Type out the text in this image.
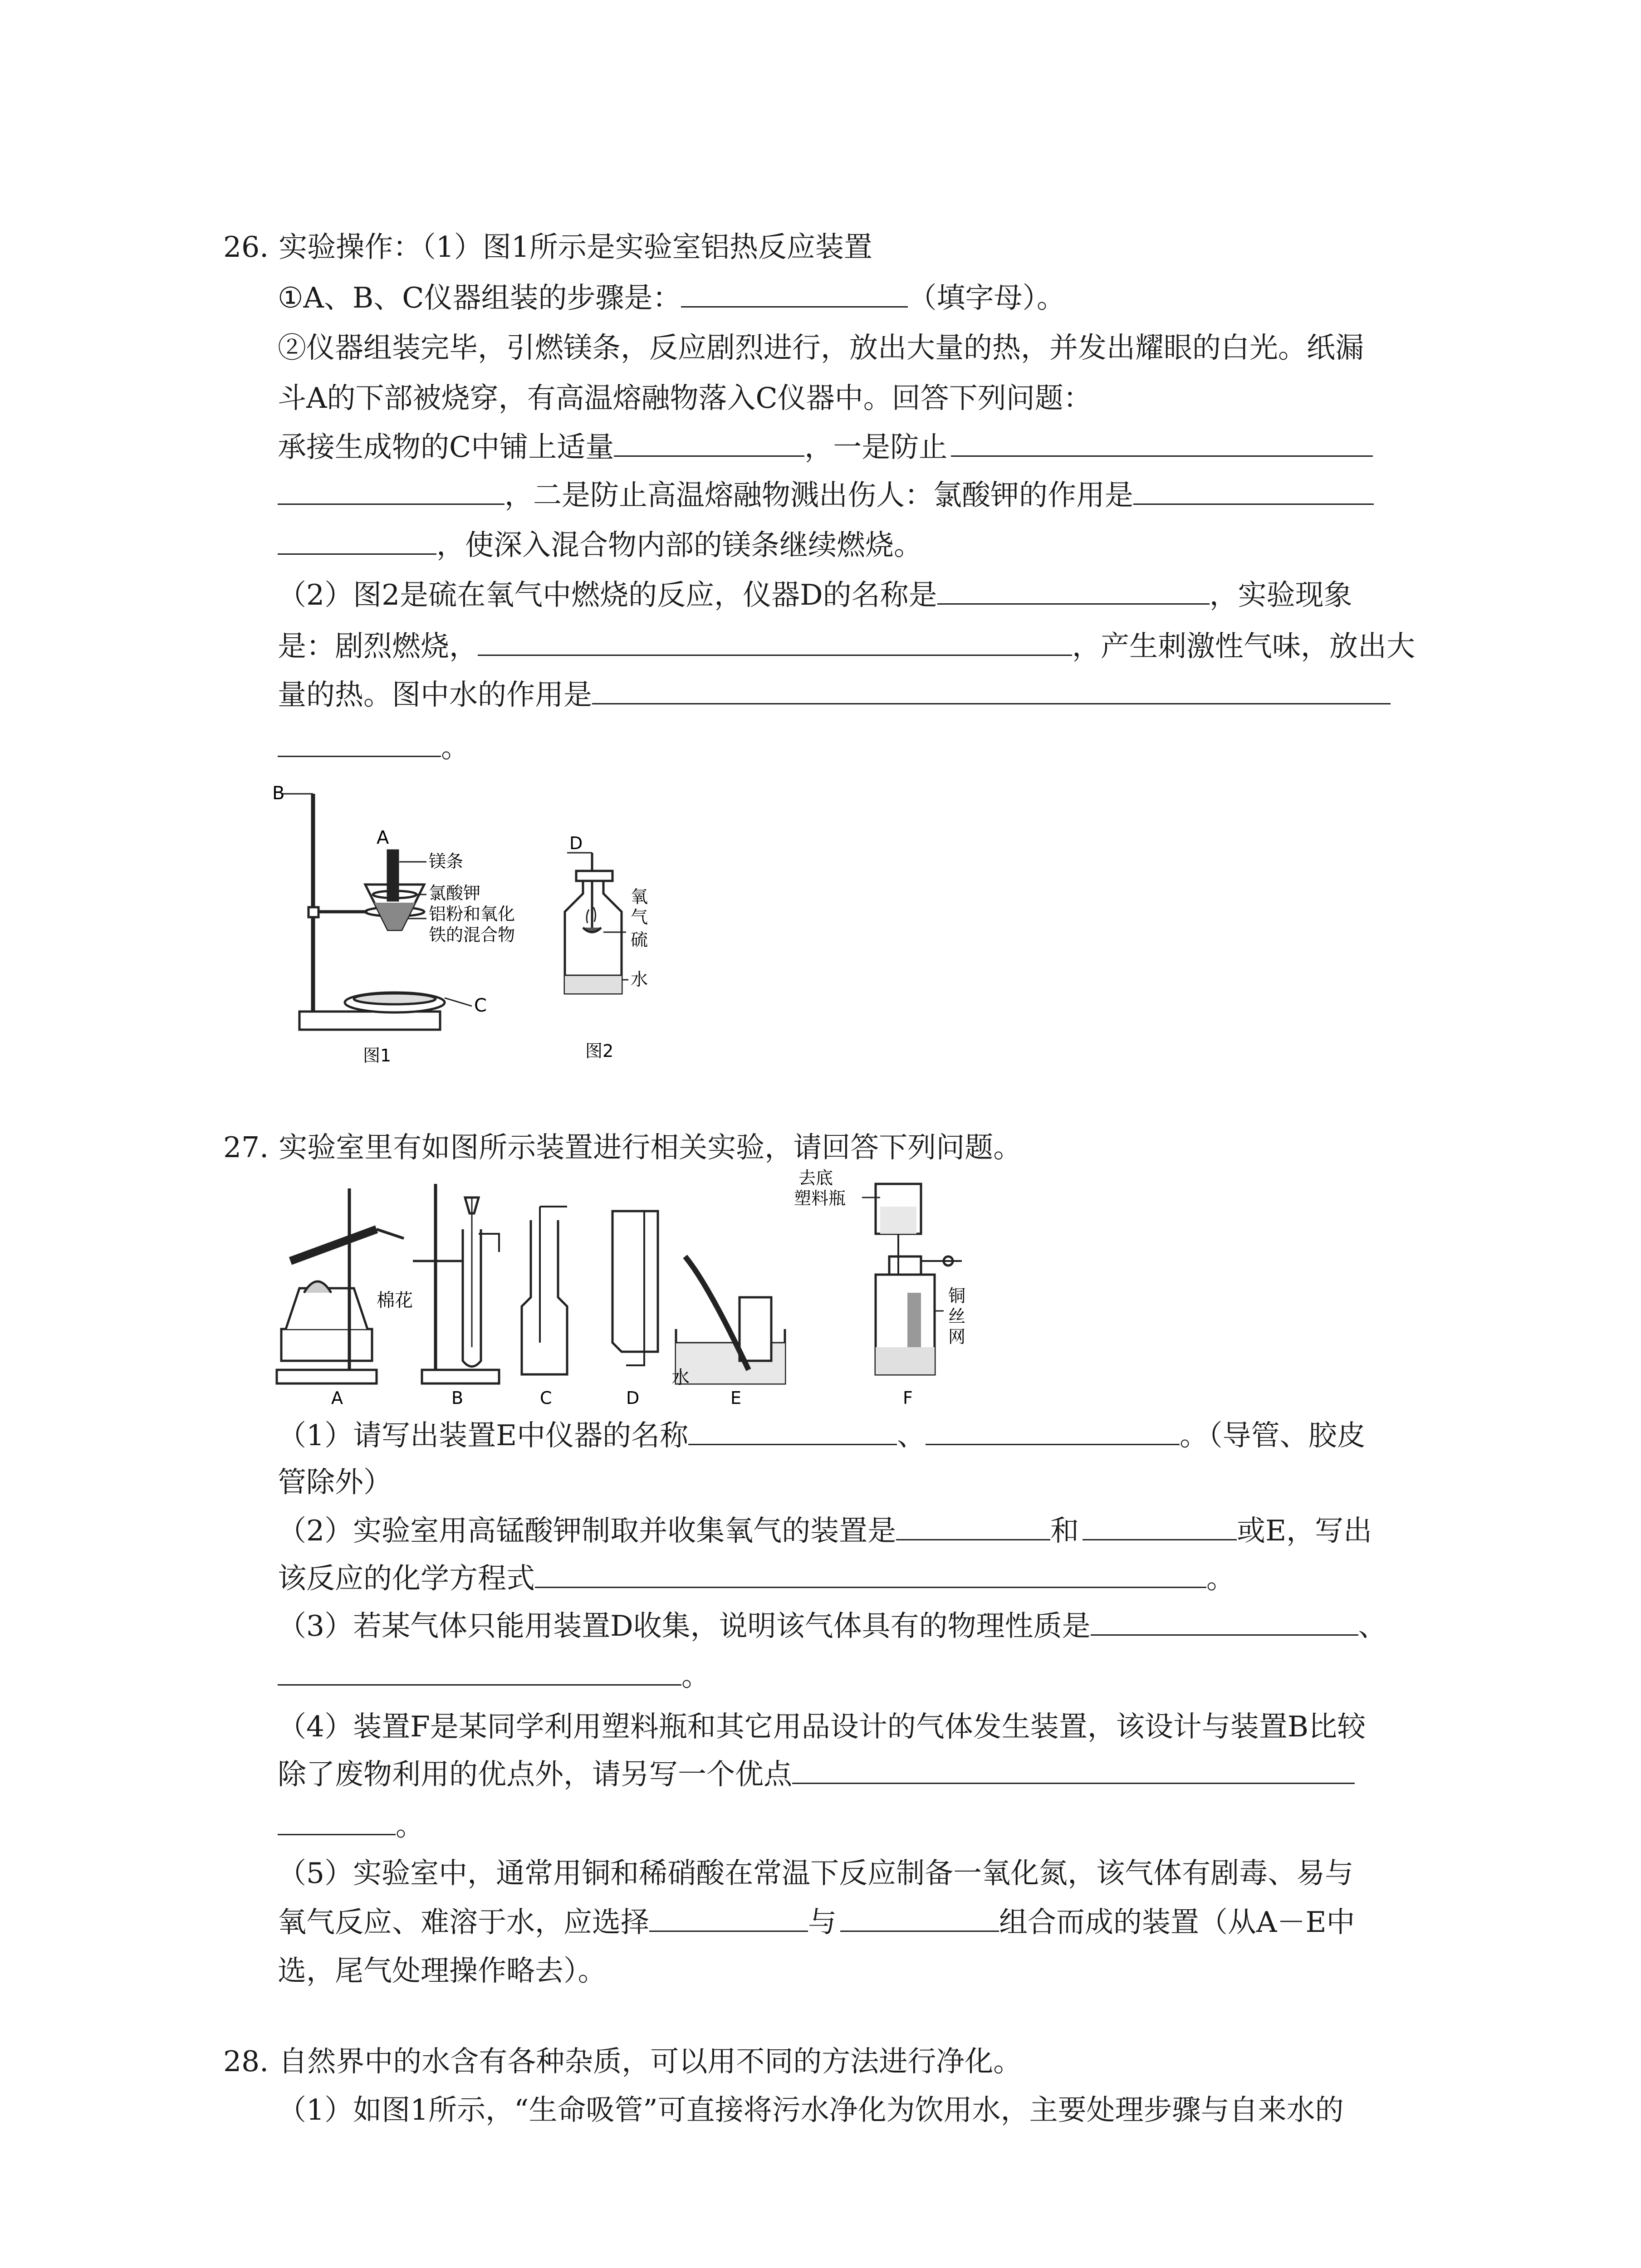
26. 实验操作：（1）图1所示是实验室铝热反应装置
①A、B、C仪器组装的步骤是：	（填字母）。
②仪器组装完毕，引燃镁条，反应剧烈进行，放出大量的热，并发出耀眼的白光。纸漏
斗A的下部被烧穿，有高温熔融物落入C仪器中。回答下列问题：
承接生成物的C中铺上适量	，一是防止
，二是防止高温熔融物溅出伤人：氯酸钾的作用是
，使深入混合物内部的镁条继续燃烧。
（2）图2是硫在氧气中燃烧的反应，仪器D的名称是	，实验现象
是：剧烈燃烧，	，产生刺激性气味，放出大
量的热。图中水的作用是
。
B
A
镁条
氯酸钾
铝粉和氧化
铁的混合物
C
图1
D
氧
气
硫
水
图2
27. 实验室里有如图所示装置进行相关实验，请回答下列问题。
棉花
水
去底
塑料瓶
铜
丝
网
A	B	C	D	E	F
（1）请写出装置E中仪器的名称	、	。（导管、胶皮
管除外）
（2）实验室用高锰酸钾制取并收集氧气的装置是	和	或E，写出
该反应的化学方程式	。
（3）若某气体只能用装置D收集，说明该气体具有的物理性质是	、
。
（4）装置F是某同学利用塑料瓶和其它用品设计的气体发生装置，该设计与装置B比较
除了废物利用的优点外，请另写一个优点
。
（5）实验室中，通常用铜和稀硝酸在常温下反应制备一氧化氮，该气体有剧毒、易与
氧气反应、难溶于水，应选择	与	组合而成的装置（从A－E中
选，尾气处理操作略去）。
28. 自然界中的水含有各种杂质，可以用不同的方法进行净化。
（1）如图1所示，“生命吸管”可直接将污水净化为饮用水，主要处理步骤与自来水的
